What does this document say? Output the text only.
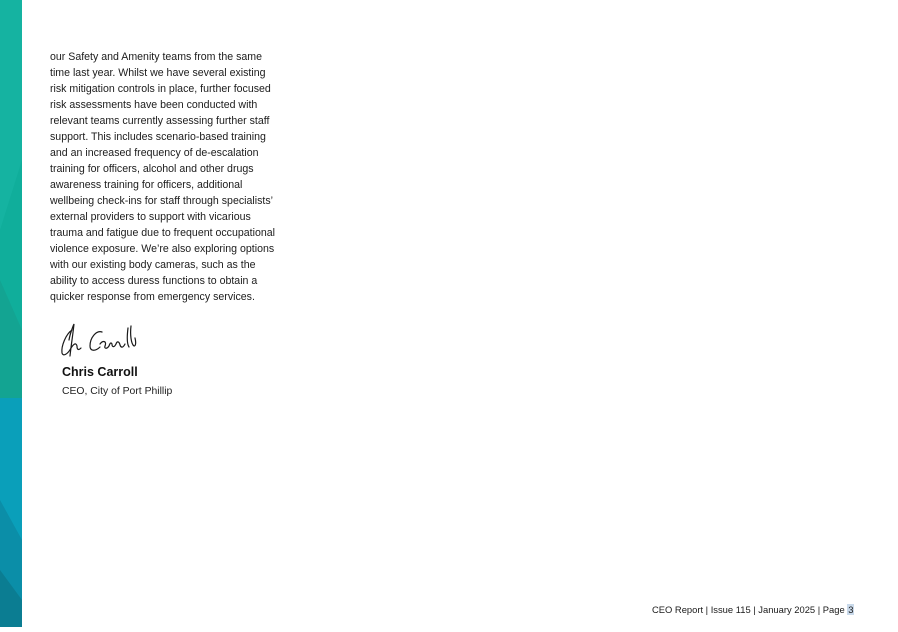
our Safety and Amenity teams from the same
time last year. Whilst we have several existing
risk mitigation controls in place, further focused
risk assessments have been conducted with
relevant teams currently assessing further staff
support. This includes scenario-based training
and an increased frequency of de-escalation
training for officers, alcohol and other drugs
awareness training for officers, additional
wellbeing check-ins for staff through specialists’
external providers to support with vicarious
trauma and fatigue due to frequent occupational
violence exposure. We’re also exploring options
with our existing body cameras, such as the
ability to access duress functions to obtain a
quicker response from emergency services.
Chris Carroll
CEO, City of Port Phillip
CEO Report | Issue 115 | January 2025 | Page 3
